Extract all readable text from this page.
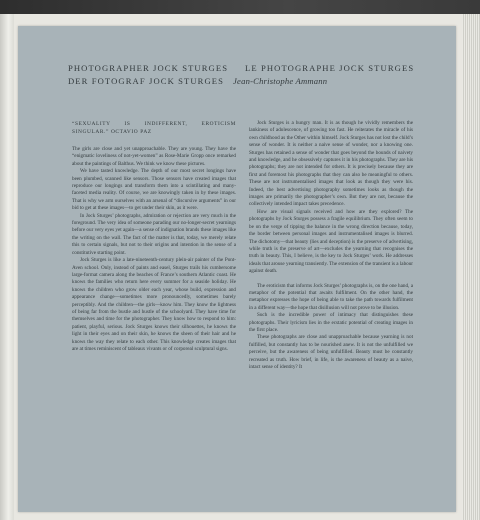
PHOTOGRAPHER JOCK STURGES	LE PHOTOGRAPHE JOCK STURGES
DER FOTOGRAF JOCK STURGES Jean-Christophe Ammann

“SEXUALITY IS INDIFFERENT, EROTICISM SINGULAR.” OCTAVIO PAZ

The girls are close and yet unapproachable. They are young. They have the “enigmatic loveliness of not-yet-women” as Rose-Marie Gropp once remarked about the paintings of Balthus. We think we know these pictures.

We have tasted knowledge. The depth of our most secret longings have been plumbed, scanned like sensors. Those sensors have created images that reproduce our longings and transform them into a scintillating and many-faceted media reality. Of course, we are knowingly taken in by these images. That is why we arm ourselves with an arsenal of “discursive arguments” in our bid to get at these images—to get under their skin, as it were.

In Jock Sturges’ photographs, admiration or rejection are very much in the foreground. The very idea of someone parading our no-longer-secret yearnings before our very eyes yet again—a sense of indignation brands these images like the writing on the wall. The fact of the matter is that, today, we merely relate this to certain signals, but not to their origins and intention in the sense of a constitutive starting point.

Jock Sturges is like a late-nineteenth-century plein-air painter of the Pont-Aven school. Only, instead of paints and easel, Sturges trails his cumbersome large-format camera along the beaches of France’s southern Atlantic coast. He knows the families who return here every summer for a seaside holiday. He knows the children who grow older each year, whose build, expression and appearance change—sometimes more pronouncedly, sometimes barely perceptibly. And the children—the girls—know him. They know the lightness of being far from the bustle and hustle of the schoolyard. They have time for themselves and time for the photographer. They know how to respond to him: patient, playful, serious. Jock Sturges knows their silhouettes, he knows the light in their eyes and on their skin, he knows the sheen of their hair and he knows the way they relate to each other. This knowledge creates images that are at times reminiscent of tableaux vivants or of corporeal sculptural signs.

Jock Sturges is a hungry man. It is as though he vividly remembers the lankiness of adolescence, of growing too fast. He reiterates the miracle of his own childhood as the Other within himself. Jock Sturges has not lost the child’s sense of wonder. It is neither a naive sense of wonder, nor a knowing one. Sturges has retained a sense of wonder that goes beyond the bounds of naivety and knowledge, and he obsessively captures it in his photographs. They are his photographs; they are not intended for others. It is precisely because they are first and foremost his photographs that they can also be meaningful to others. These are not instrumentalised images that look as though they were his. Indeed, the best advertising photography sometimes looks as though the images are primarily the photographer’s own. But they are not, because the collectively intended impact takes precedence.

How are visual signals received and how are they explored? The photographs by Jock Sturges possess a fragile equilibrium. They often seem to be on the verge of tipping the balance in the wrong direction because, today, the border between personal images and instrumentalised images is blurred. The dichotomy—that beauty (lies and deception) is the preserve of advertising, while truth is the preserve of art—excludes the yearning that recognises the truth in beauty. This, I believe, is the key to Jock Sturges’ work. He addresses ideals that arouse yearning transiently. The extension of the transient is a labour against death.

The eroticism that informs Jock Sturges’ photographs is, on the one hand, a metaphor of the potential that awaits fulfilment. On the other hand, the metaphor expresses the hope of being able to take the path towards fulfilment in a different way—the hope that disillusion will not prove to be illusion.

Such is the incredible power of intimacy that distinguishes these photographs. Their lyricism lies in the ecstatic potential of creating images in the first place.

These photographs are close and unapproachable because yearning is not fulfilled, but constantly has to be nourished anew. It is not the unfulfilled we perceive, but the awareness of being unfulfilled. Beauty must be constantly recreated as truth. How brief, in life, is the awareness of beauty as a naive, intact sense of identity? It
